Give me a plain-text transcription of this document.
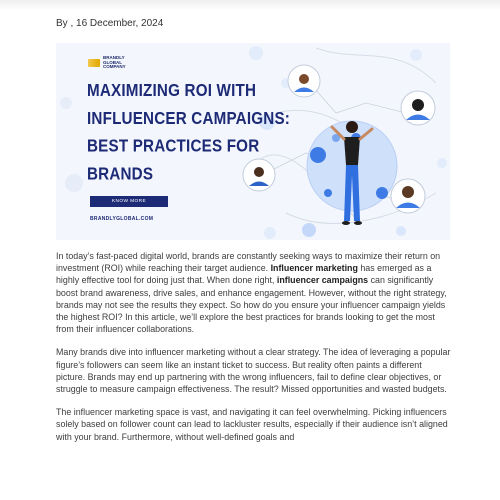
By , 16 December, 2024
BRANDLY
GLOBAL
COMPANY
MAXIMIZING ROI WITH INFLUENCER CAMPAIGNS: BEST PRACTICES FOR BRANDS
KNOW MORE
BRANDLYGLOBAL.COM

In today’s fast-paced digital world, brands are constantly seeking ways to maximize their return on investment (ROI) while reaching their target audience. Influencer marketing has emerged as a highly effective tool for doing just that. When done right, influencer campaigns can significantly boost brand awareness, drive sales, and enhance engagement. However, without the right strategy, brands may not see the results they expect. So how do you ensure your influencer campaign yields the highest ROI? In this article, we’ll explore the best practices for brands looking to get the most from their influencer collaborations.

Many brands dive into influencer marketing without a clear strategy. The idea of leveraging a popular figure’s followers can seem like an instant ticket to success. But reality often paints a different picture. Brands may end up partnering with the wrong influencers, fail to define clear objectives, or struggle to measure campaign effectiveness. The result? Missed opportunities and wasted budgets.

The influencer marketing space is vast, and navigating it can feel overwhelming. Picking influencers solely based on follower count can lead to lackluster results, especially if their audience isn’t aligned with your brand. Furthermore, without well-defined goals and
